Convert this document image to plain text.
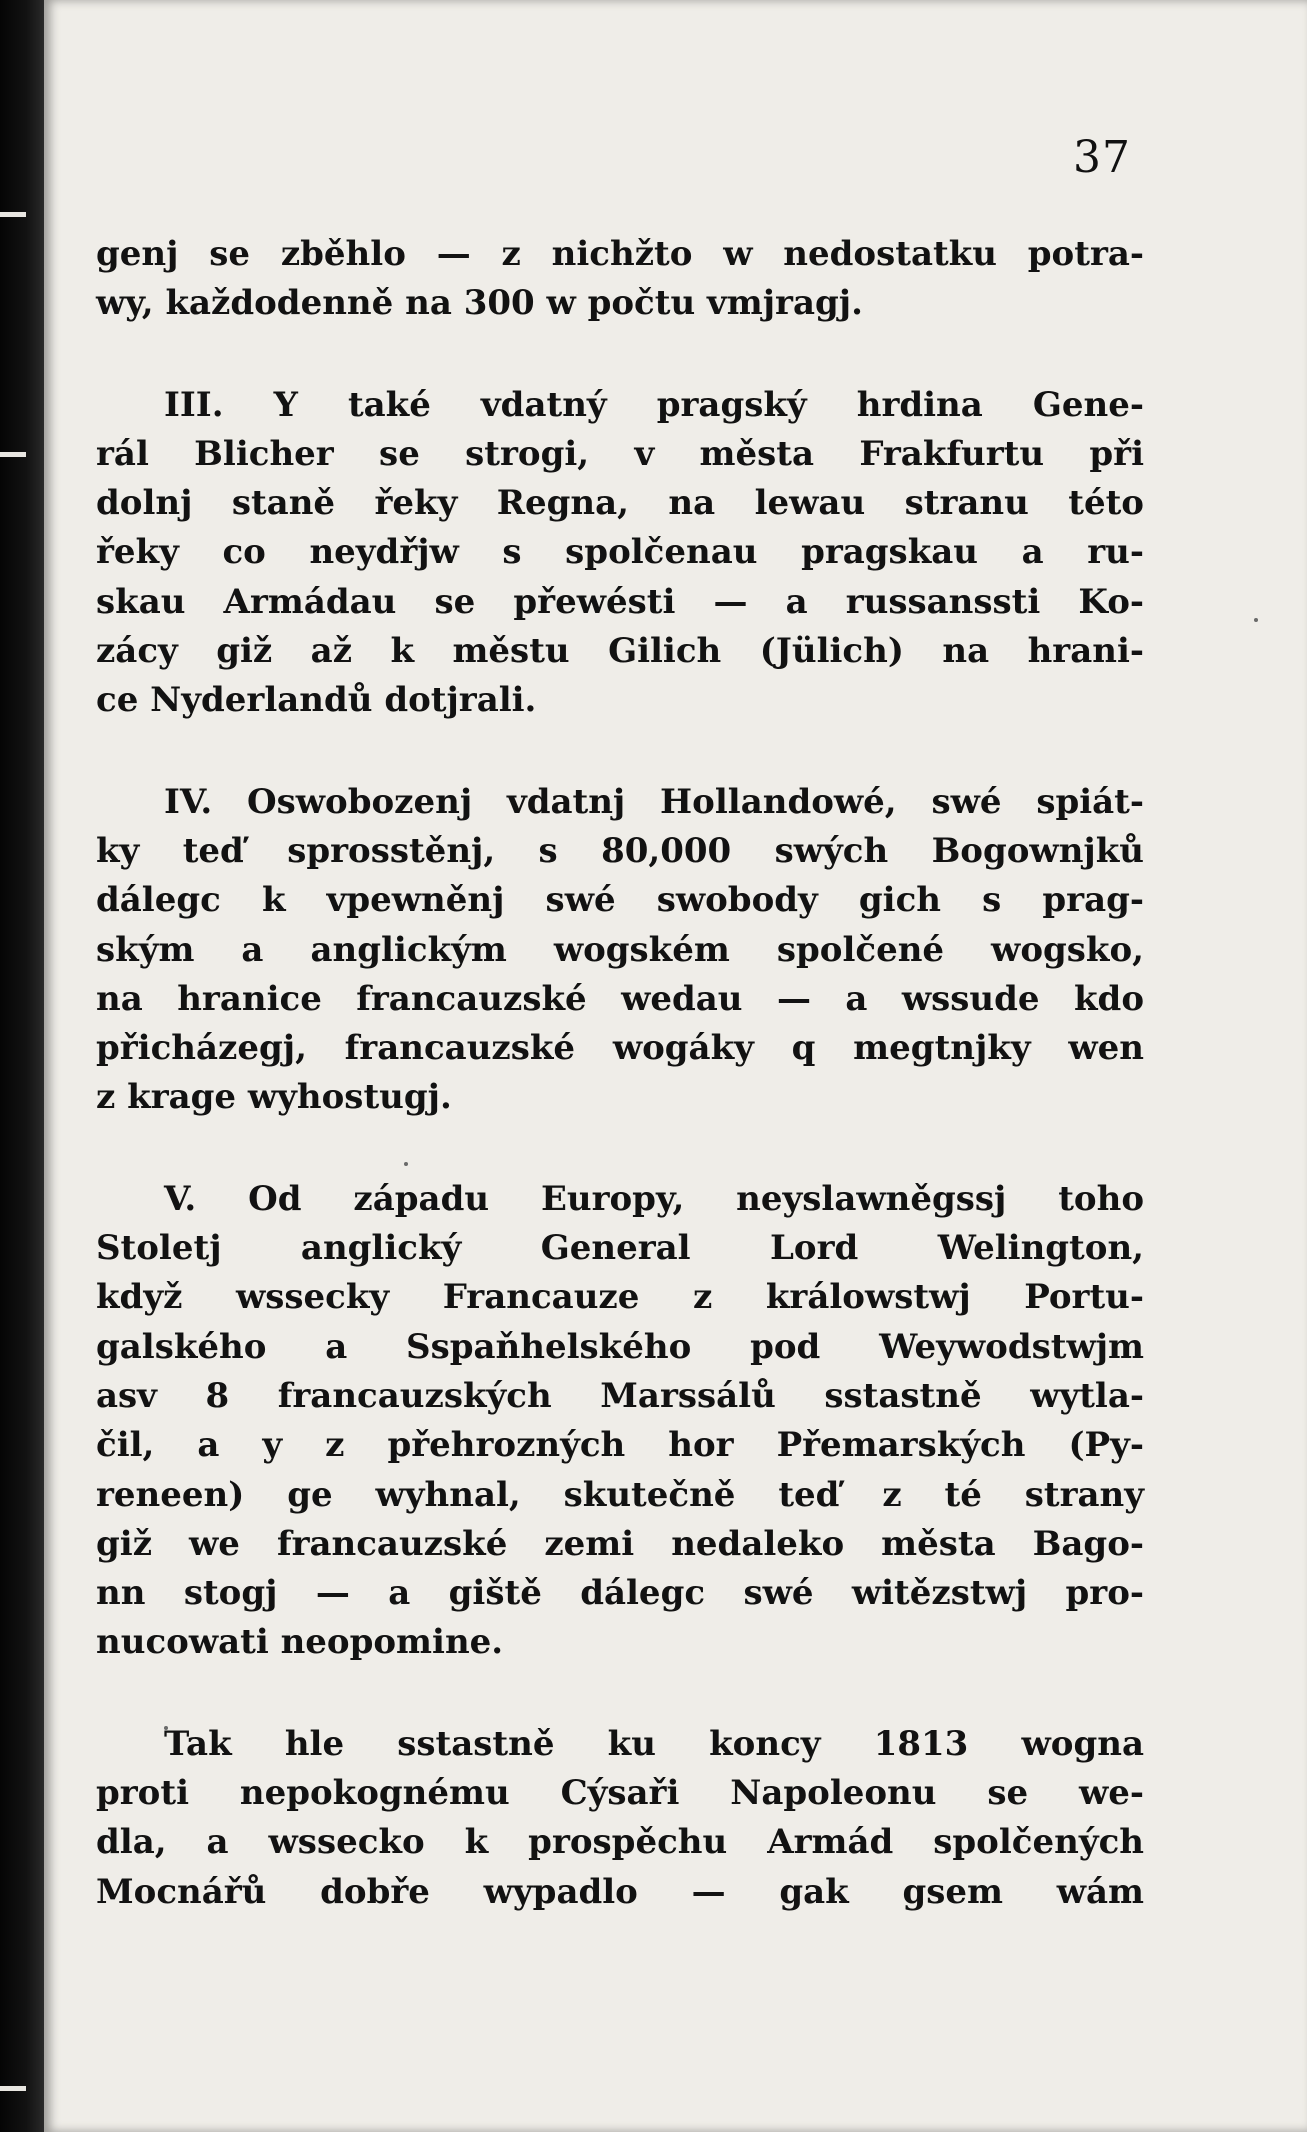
37
genj se zběhlo — z nichžto w nedostatku potra‑
wy, každodenně na 300 w počtu vmjragj.
III. Y také vdatný pragský hrdina Gene‑
rál Blicher se strogi, v města Frakfurtu při
dolnj staně řeky Regna, na lewau stranu této
řeky co neydřjw s spolčenau pragskau a ru‑
skau Armádau se přewésti — a russanssti Ko‑
zácy giž až k městu Gilich (Jülich) na hrani‑
ce Nyderlandů dotjrali.
IV. Oswobozenj vdatnj Hollandowé, swé spiát‑
ky teď sprosstěnj, s 80,000 swých Bogownjků
dálegc k vpewněnj swé swobody gich s prag‑
ským a anglickým wogském spolčené wogsko,
na hranice francauzské wedau — a wssude kdo
přicházegj, francauzské wogáky q megtnjky wen
z krage wyhostugj.
V. Od západu Europy, neyslawněgssj toho
Stoletj anglický General Lord Welington,
když wssecky Francauze z králowstwj Portu‑
galského a Sspaňhelského pod Weywodstwjm
asv 8 francauzských Marssálů sstastně wytla‑
čil, a y z přehrozných hor Přemarských (Py‑
reneen) ge wyhnal, skutečně teď z té strany
giž we francauzské zemi nedaleko města Bago‑
nn stogj — a giště dálegc swé witězstwj pro‑
nucowati neopomine.
Tak hle sstastně ku koncy 1813 wogna
proti nepokognému Cýsaři Napoleonu se we‑
dla, a wssecko k prospěchu Armád spolčených
Mocnářů dobře wypadlo — gak gsem wám
